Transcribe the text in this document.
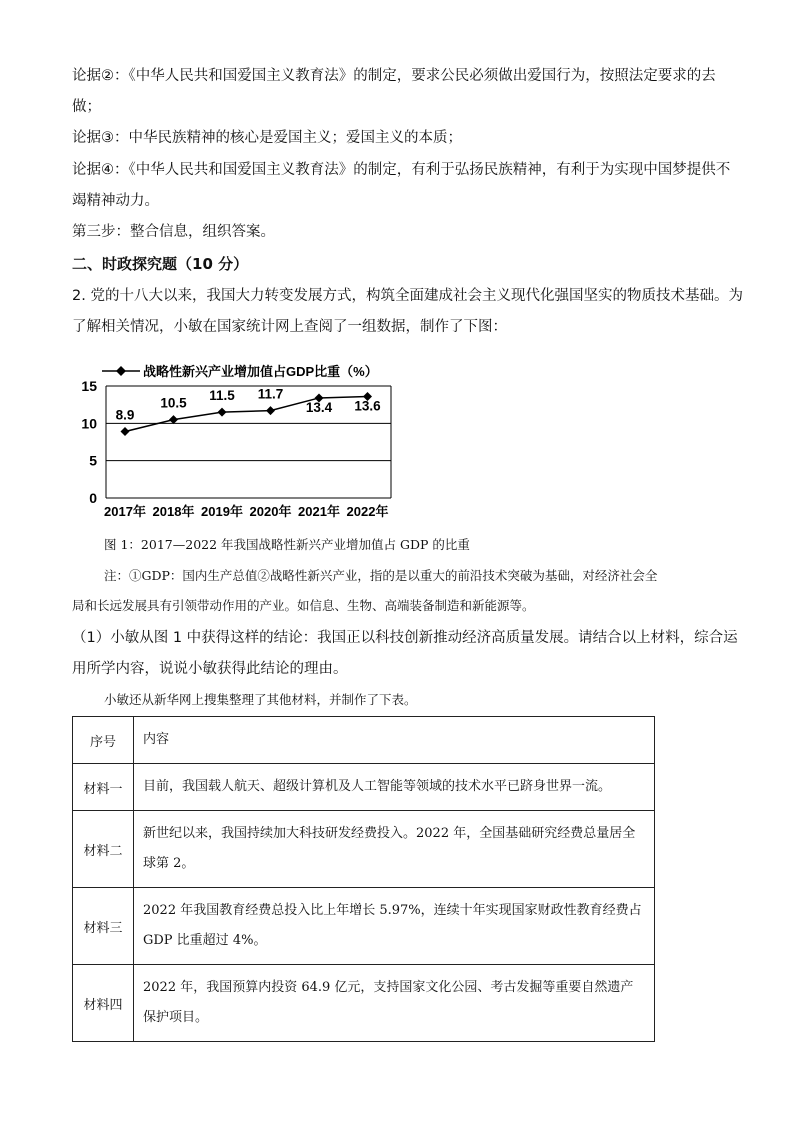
论据②：《中华人民共和国爱国主义教育法》的制定，要求公民必须做出爱国行为，按照法定要求的去
做；
论据③：中华民族精神的核心是爱国主义；爱国主义的本质；
论据④：《中华人民共和国爱国主义教育法》的制定，有利于弘扬民族精神，有利于为实现中国梦提供不
竭精神动力。
第三步：整合信息，组织答案。
二、时政探究题（10 分）
2. 党的十八大以来，我国大力转变发展方式，构筑全面建成社会主义现代化强国坚实的物质技术基础。为
了解相关情况，小敏在国家统计网上查阅了一组数据，制作了下图：
战略性新兴产业增加值占GDP比重（%）
0
5
10
15
2017年 2018年 2019年 2020年 2021年 2022年
8.9
10.5 11.5 11.7
13.4 13.6
图 1：2017—2022 年我国战略性新兴产业增加值占 GDP 的比重
注：①GDP：国内生产总值②战略性新兴产业，指的是以重大的前沿技术突破为基础，对经济社会全
局和长远发展具有引领带动作用的产业。如信息、生物、高端装备制造和新能源等。
（1）小敏从图 1 中获得这样的结论：我国正以科技创新推动经济高质量发展。请结合以上材料，综合运
用所学内容，说说小敏获得此结论的理由。
小敏还从新华网上搜集整理了其他材料，并制作了下表。
序号	内容
材料一	目前，我国载人航天、超级计算机及人工智能等领域的技术水平已跻身世界一流。

材料二	新世纪以来，我国持续加大科技研发经费投入。2022 年，全国基础研究经费总量居全球第 2。

材料三	2022 年我国教育经费总投入比上年增长 5.97%，连续十年实现国家财政性教育经费占 GDP 比重超过 4%。

材料四	2022 年，我国预算内投资 64.9 亿元，支持国家文化公园、考古发掘等重要自然遗产保护项目。
